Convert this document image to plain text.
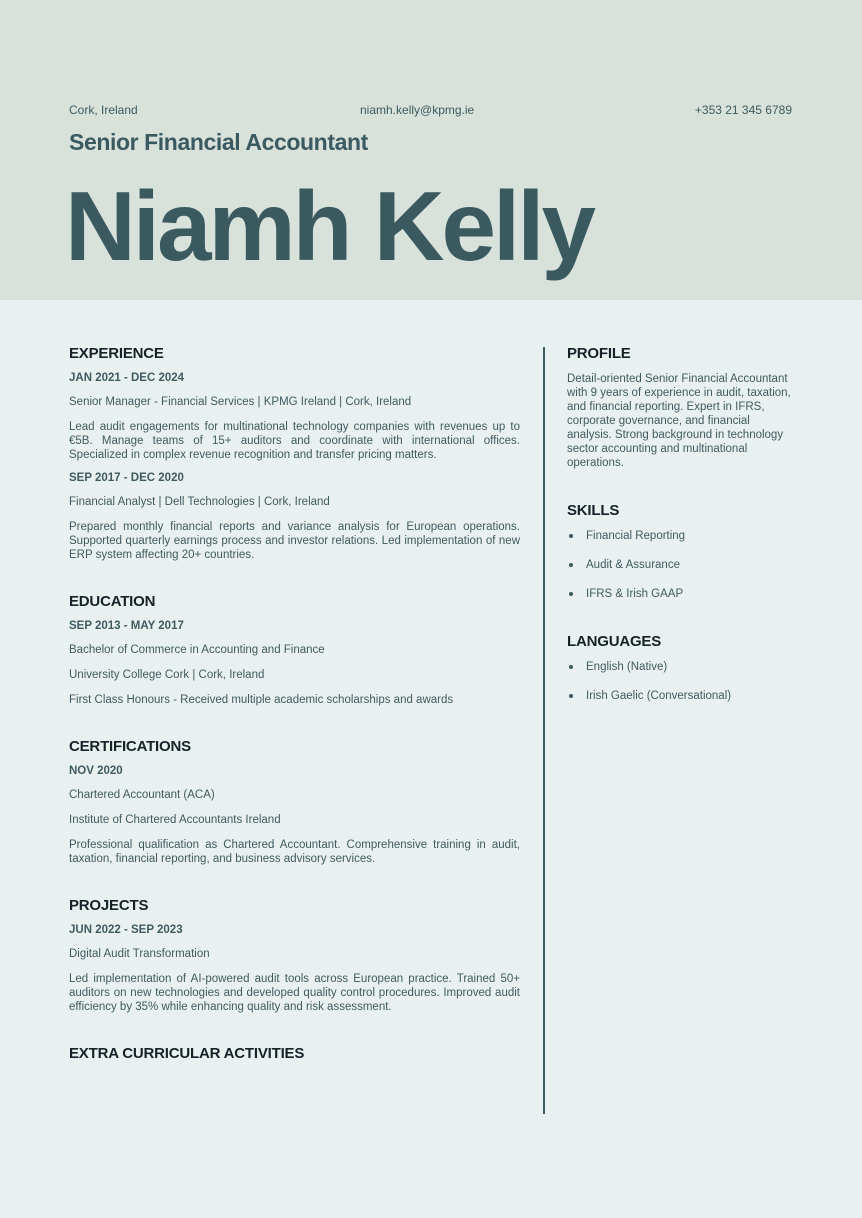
Cork, Ireland	niamh.kelly@kpmg.ie	+353 21 345 6789
Senior Financial Accountant
Niamh Kelly
EXPERIENCE
JAN 2021 - DEC 2024
Senior Manager - Financial Services | KPMG Ireland | Cork, Ireland
Lead audit engagements for multinational technology companies with revenues up to €5B. Manage teams of 15+ auditors and coordinate with international offices. Specialized in complex revenue recognition and transfer pricing matters.
SEP 2017 - DEC 2020
Financial Analyst | Dell Technologies | Cork, Ireland
Prepared monthly financial reports and variance analysis for European operations. Supported quarterly earnings process and investor relations. Led implementation of new ERP system affecting 20+ countries.
EDUCATION
SEP 2013 - MAY 2017
Bachelor of Commerce in Accounting and Finance
University College Cork | Cork, Ireland
First Class Honours - Received multiple academic scholarships and awards
CERTIFICATIONS
NOV 2020
Chartered Accountant (ACA)
Institute of Chartered Accountants Ireland
Professional qualification as Chartered Accountant. Comprehensive training in audit, taxation, financial reporting, and business advisory services.
PROJECTS
JUN 2022 - SEP 2023
Digital Audit Transformation
Led implementation of AI-powered audit tools across European practice. Trained 50+ auditors on new technologies and developed quality control procedures. Improved audit efficiency by 35% while enhancing quality and risk assessment.
EXTRA CURRICULAR ACTIVITIES
PROFILE
Detail-oriented Senior Financial Accountant with 9 years of experience in audit, taxation, and financial reporting. Expert in IFRS, corporate governance, and financial analysis. Strong background in technology sector accounting and multinational operations.
SKILLS
Financial Reporting
Audit & Assurance
IFRS & Irish GAAP
LANGUAGES
English (Native)
Irish Gaelic (Conversational)
